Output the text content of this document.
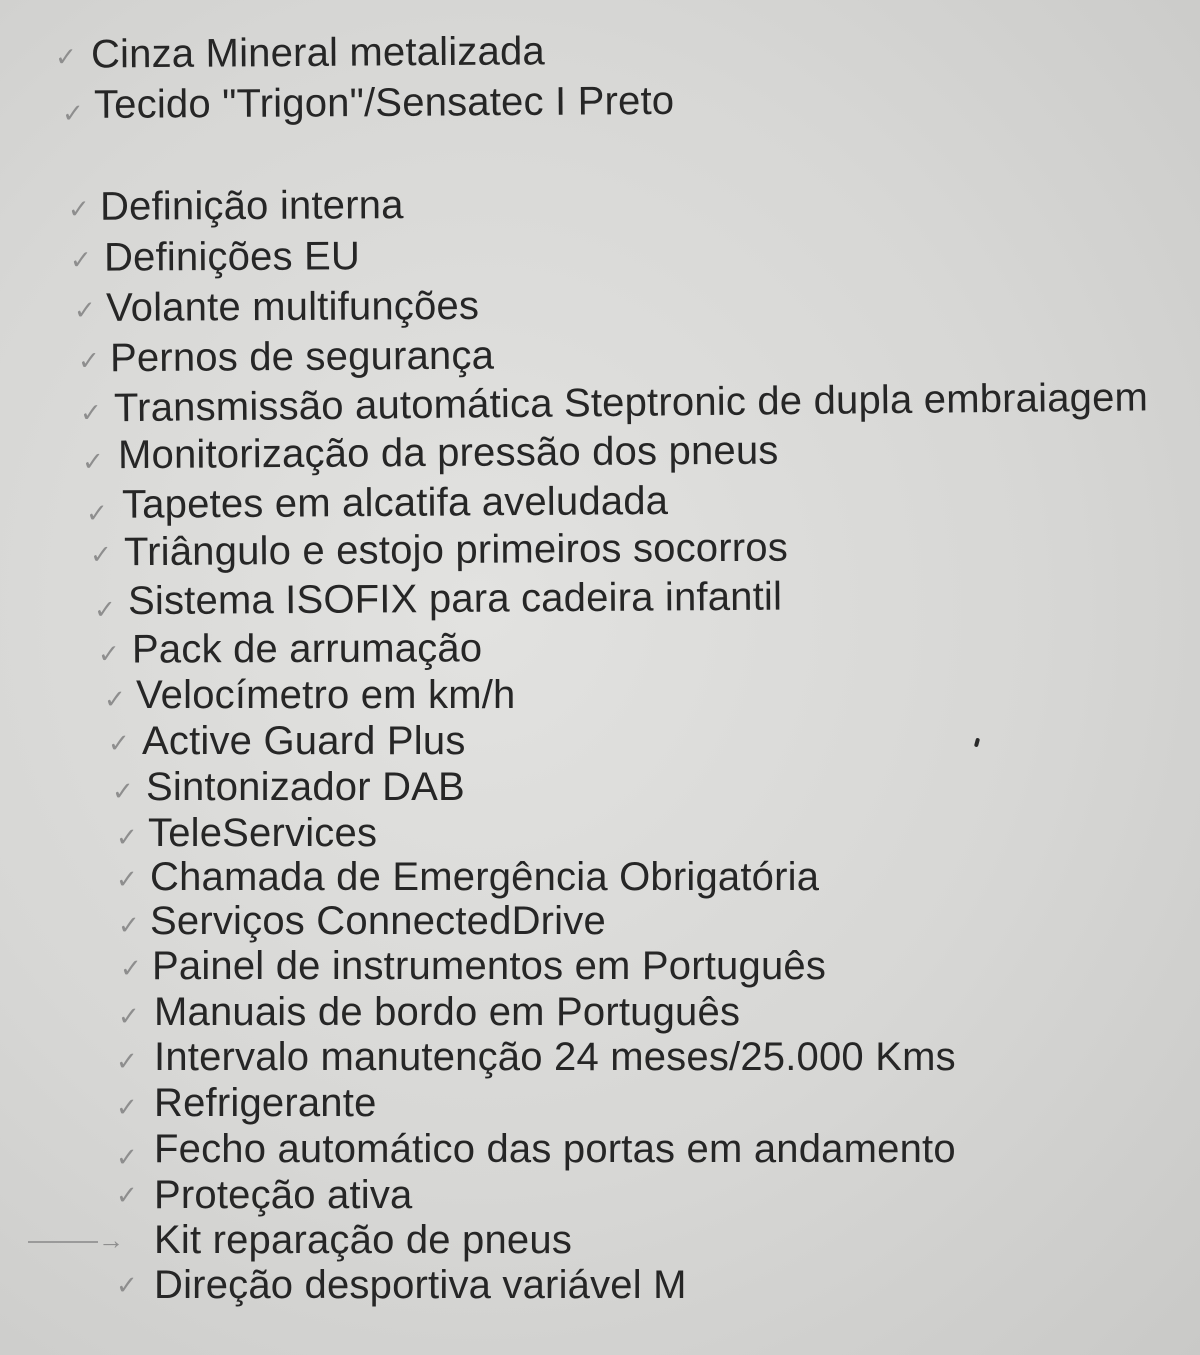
✓ Cinza Mineral metalizada
✓ Tecido "Trigon"/Sensatec I Preto
✓ Definição interna
✓ Definições EU
✓ Volante multifunções
✓ Pernos de segurança
✓ Transmissão automática Steptronic de dupla embraiagem
✓ Monitorização da pressão dos pneus
✓ Tapetes em alcatifa aveludada
✓ Triângulo e estojo primeiros socorros
✓ Sistema ISOFIX para cadeira infantil
✓ Pack de arrumação
✓ Velocímetro em km/h
✓ Active Guard Plus
✓ Sintonizador DAB
✓ TeleServices
✓ Chamada de Emergência Obrigatória
✓ Serviços ConnectedDrive
✓ Painel de instrumentos em Português
✓ Manuais de bordo em Português
✓ Intervalo manutenção 24 meses/25.000 Kms
✓ Refrigerante
✓ Fecho automático das portas em andamento
✓ Proteção ativa
→ Kit reparação de pneus
✓ Direção desportiva variável M
